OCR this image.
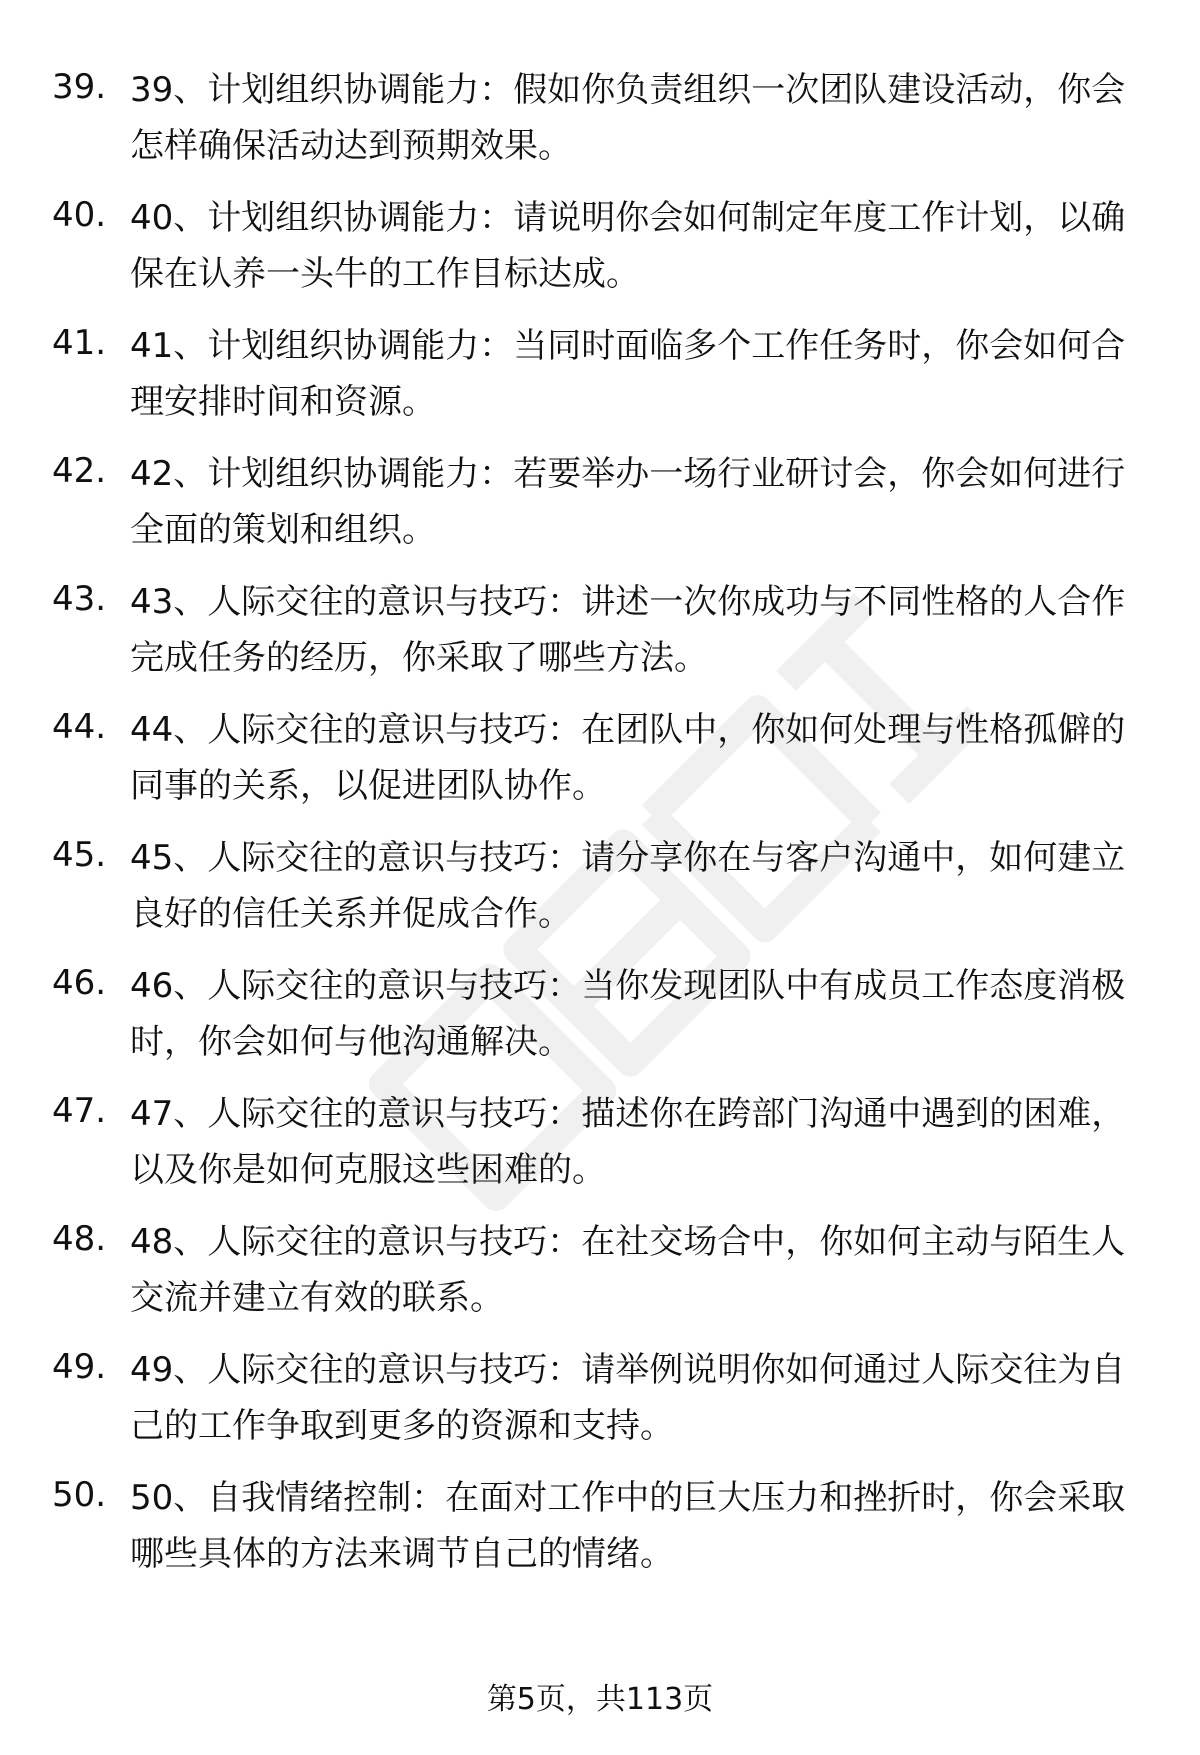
39. 39、计划组织协调能力：假如你负责组织一次团队建设活动，你会怎样确保活动达到预期效果。
40. 40、计划组织协调能力：请说明你会如何制定年度工作计划，以确保在认养一头牛的工作目标达成。
41. 41、计划组织协调能力：当同时面临多个工作任务时，你会如何合理安排时间和资源。
42. 42、计划组织协调能力：若要举办一场行业研讨会，你会如何进行全面的策划和组织。
43. 43、人际交往的意识与技巧：讲述一次你成功与不同性格的人合作完成任务的经历，你采取了哪些方法。
44. 44、人际交往的意识与技巧：在团队中，你如何处理与性格孤僻的同事的关系，以促进团队协作。
45. 45、人际交往的意识与技巧：请分享你在与客户沟通中，如何建立良好的信任关系并促成合作。
46. 46、人际交往的意识与技巧：当你发现团队中有成员工作态度消极时，你会如何与他沟通解决。
47. 47、人际交往的意识与技巧：描述你在跨部门沟通中遇到的困难，以及你是如何克服这些困难的。
48. 48、人际交往的意识与技巧：在社交场合中，你如何主动与陌生人交流并建立有效的联系。
49. 49、人际交往的意识与技巧：请举例说明你如何通过人际交往为自己的工作争取到更多的资源和支持。
50. 50、自我情绪控制：在面对工作中的巨大压力和挫折时，你会采取哪些具体的方法来调节自己的情绪。
第5页，共113页
